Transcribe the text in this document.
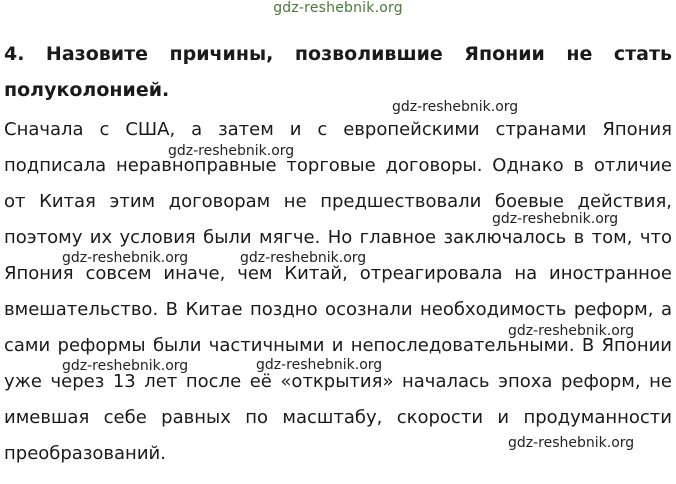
gdz-reshebnik.org
4. Назовите причины, позволившие Японии не стать полуколонией.
Сначала с США, а затем и с европейскими странами Япония
подписала неравноправные торговые договоры. Однако в отличие
от Китая этим договорам не предшествовали боевые действия,
поэтому их условия были мягче. Но главное заключалось в том, что
Япония совсем иначе, чем Китай, отреагировала на иностранное
вмешательство. В Китае поздно осознали необходимость реформ, а
сами реформы были частичными и непоследовательными. В Японии
уже через 13 лет после её «открытия» началась эпоха реформ, не
имевшая себе равных по масштабу, скорости и продуманности
преобразований.
gdz-reshebnik.org
gdz-reshebnik.org
gdz-reshebnik.org
gdz-reshebnik.org	gdz-reshebnik.org
gdz-reshebnik.org
gdz-reshebnik.org	gdz-reshebnik.org
gdz-reshebnik.org
